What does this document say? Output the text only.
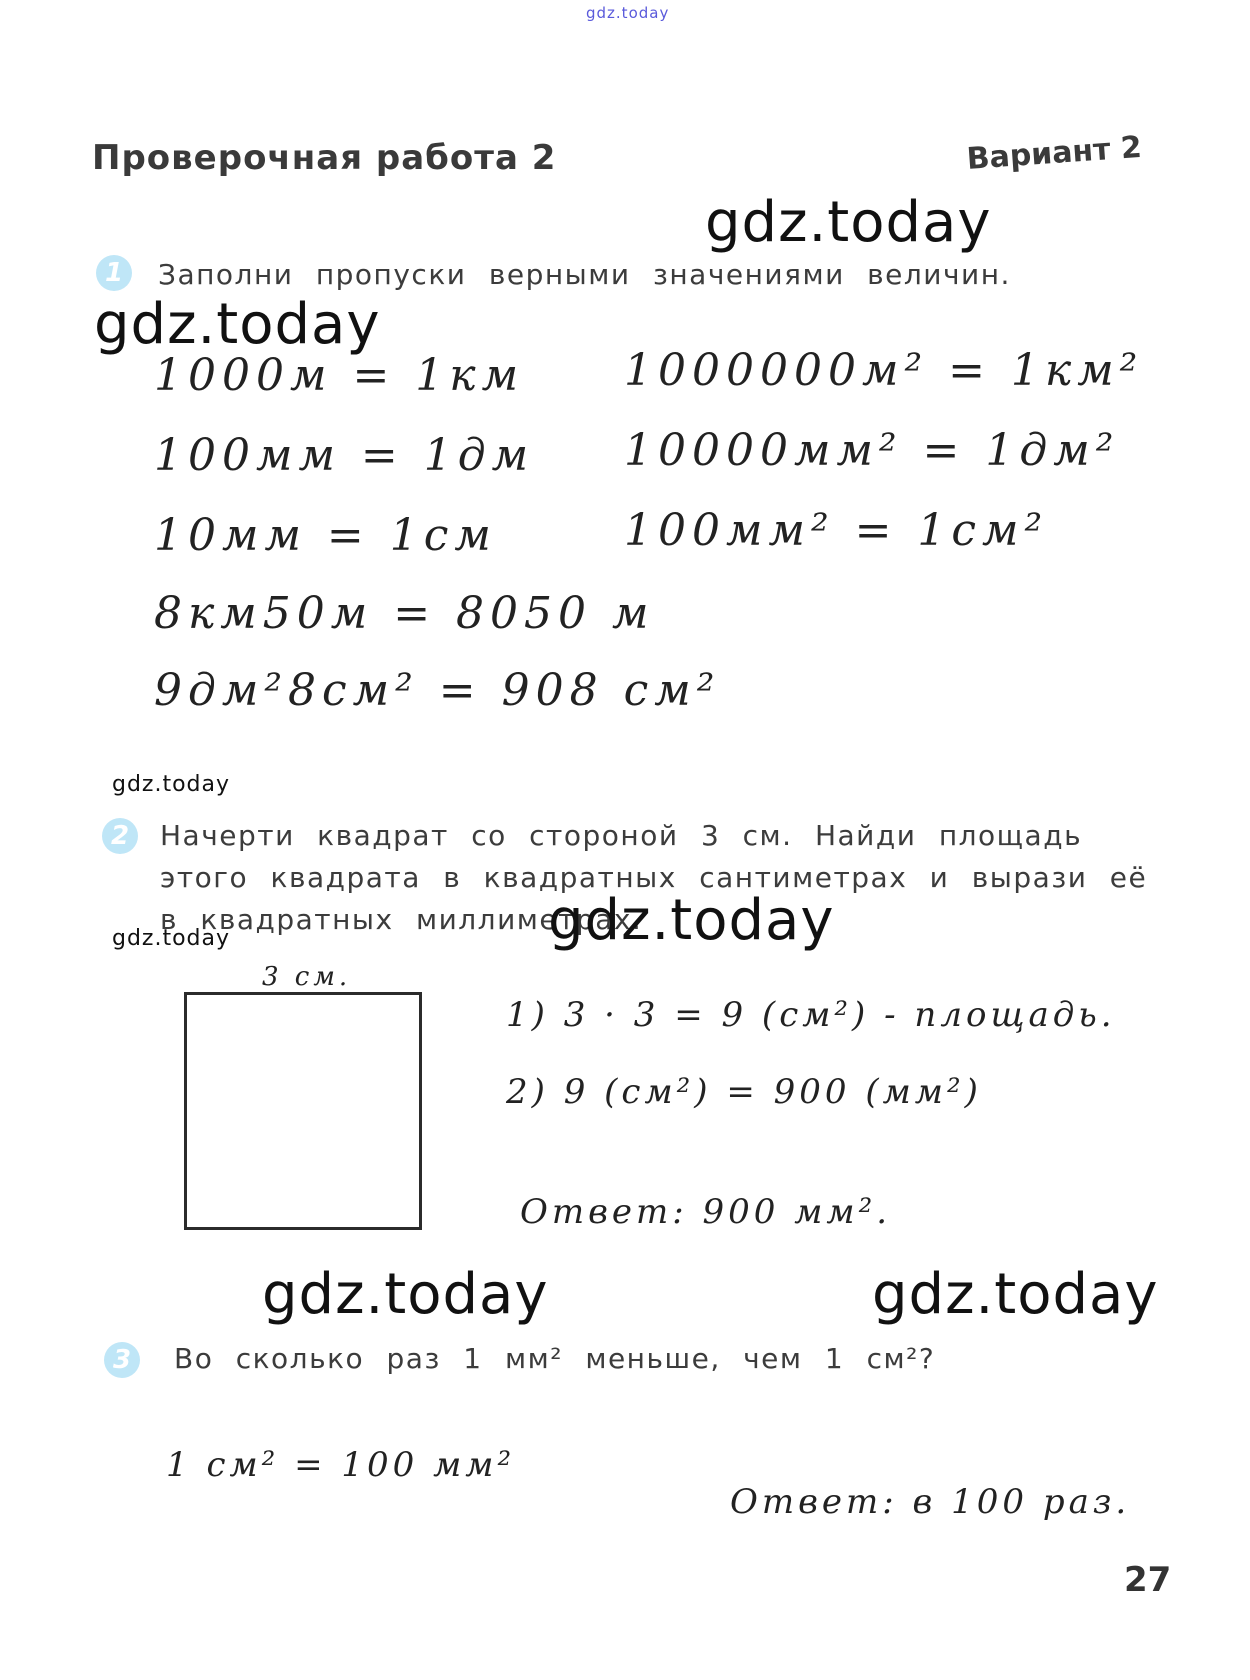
gdz.today
Проверочная работа 2	Вариант 2
gdz.today
1	Заполни пропуски верными значениями величин.
gdz.today
1000м = 1км
100мм = 1дм
10мм = 1см
8км50м = 8050 м
9дм²8см² = 908 см²
1000000м² = 1км²
10000мм² = 1дм²
100мм² = 1см²
gdz.today
2	Начерти квадрат со стороной 3 см. Найди площадь этого квадрата в квадратных сантиметрах и вырази её в квадратных миллиметрах.
gdz.today
gdz.today
3 см.
1) 3 · 3 = 9 (см²) - площадь.
2) 9 (см²) = 900 (мм²)
Ответ: 900 мм².
gdz.today	gdz.today
3	Во сколько раз 1 мм² меньше, чем 1 см²?
1 см² = 100 мм²
Ответ: в 100 раз.
27
